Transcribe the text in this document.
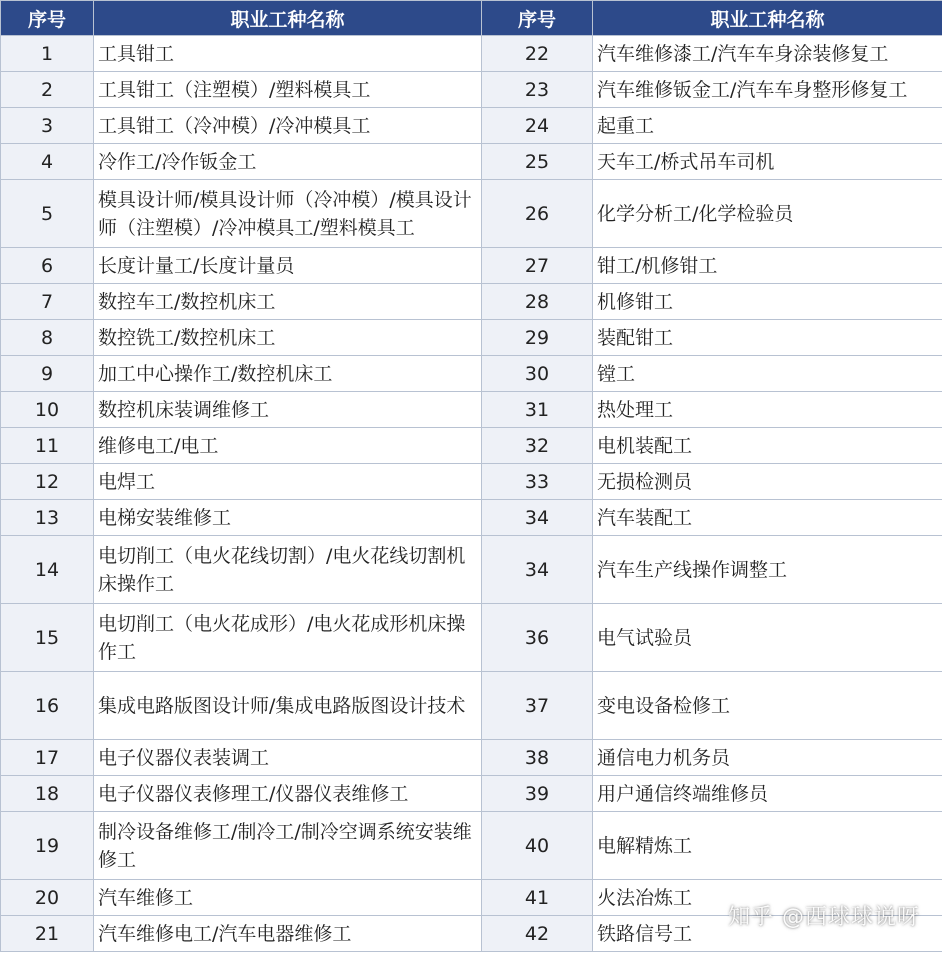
序号	职业工种名称	序号	职业工种名称
1	工具钳工	22	汽车维修漆工/汽车车身涂装修复工
2	工具钳工（注塑模）/塑料模具工	23	汽车维修钣金工/汽车车身整形修复工
3	工具钳工（冷冲模）/冷冲模具工	24	起重工
4	冷作工/冷作钣金工	25	天车工/桥式吊车司机
5	模具设计师/模具设计师（冷冲模）/模具设计师（注塑模）/冷冲模具工/塑料模具工	26	化学分析工/化学检验员
6	长度计量工/长度计量员	27	钳工/机修钳工
7	数控车工/数控机床工	28	机修钳工
8	数控铣工/数控机床工	29	装配钳工
9	加工中心操作工/数控机床工	30	镗工
10	数控机床装调维修工	31	热处理工
11	维修电工/电工	32	电机装配工
12	电焊工	33	无损检测员
13	电梯安装维修工	34	汽车装配工
14	电切削工（电火花线切割）/电火花线切割机床操作工	34	汽车生产线操作调整工
15	电切削工（电火花成形）/电火花成形机床操作工	36	电气试验员
16	集成电路版图设计师/集成电路版图设计技术	37	变电设备检修工
17	电子仪器仪表装调工	38	通信电力机务员
18	电子仪器仪表修理工/仪器仪表维修工	39	用户通信终端维修员
19	制冷设备维修工/制冷工/制冷空调系统安装维修工	40	电解精炼工
20	汽车维修工	41	火法冶炼工
21	汽车维修电工/汽车电器维修工	42	铁路信号工
知乎 @西球球说呀
